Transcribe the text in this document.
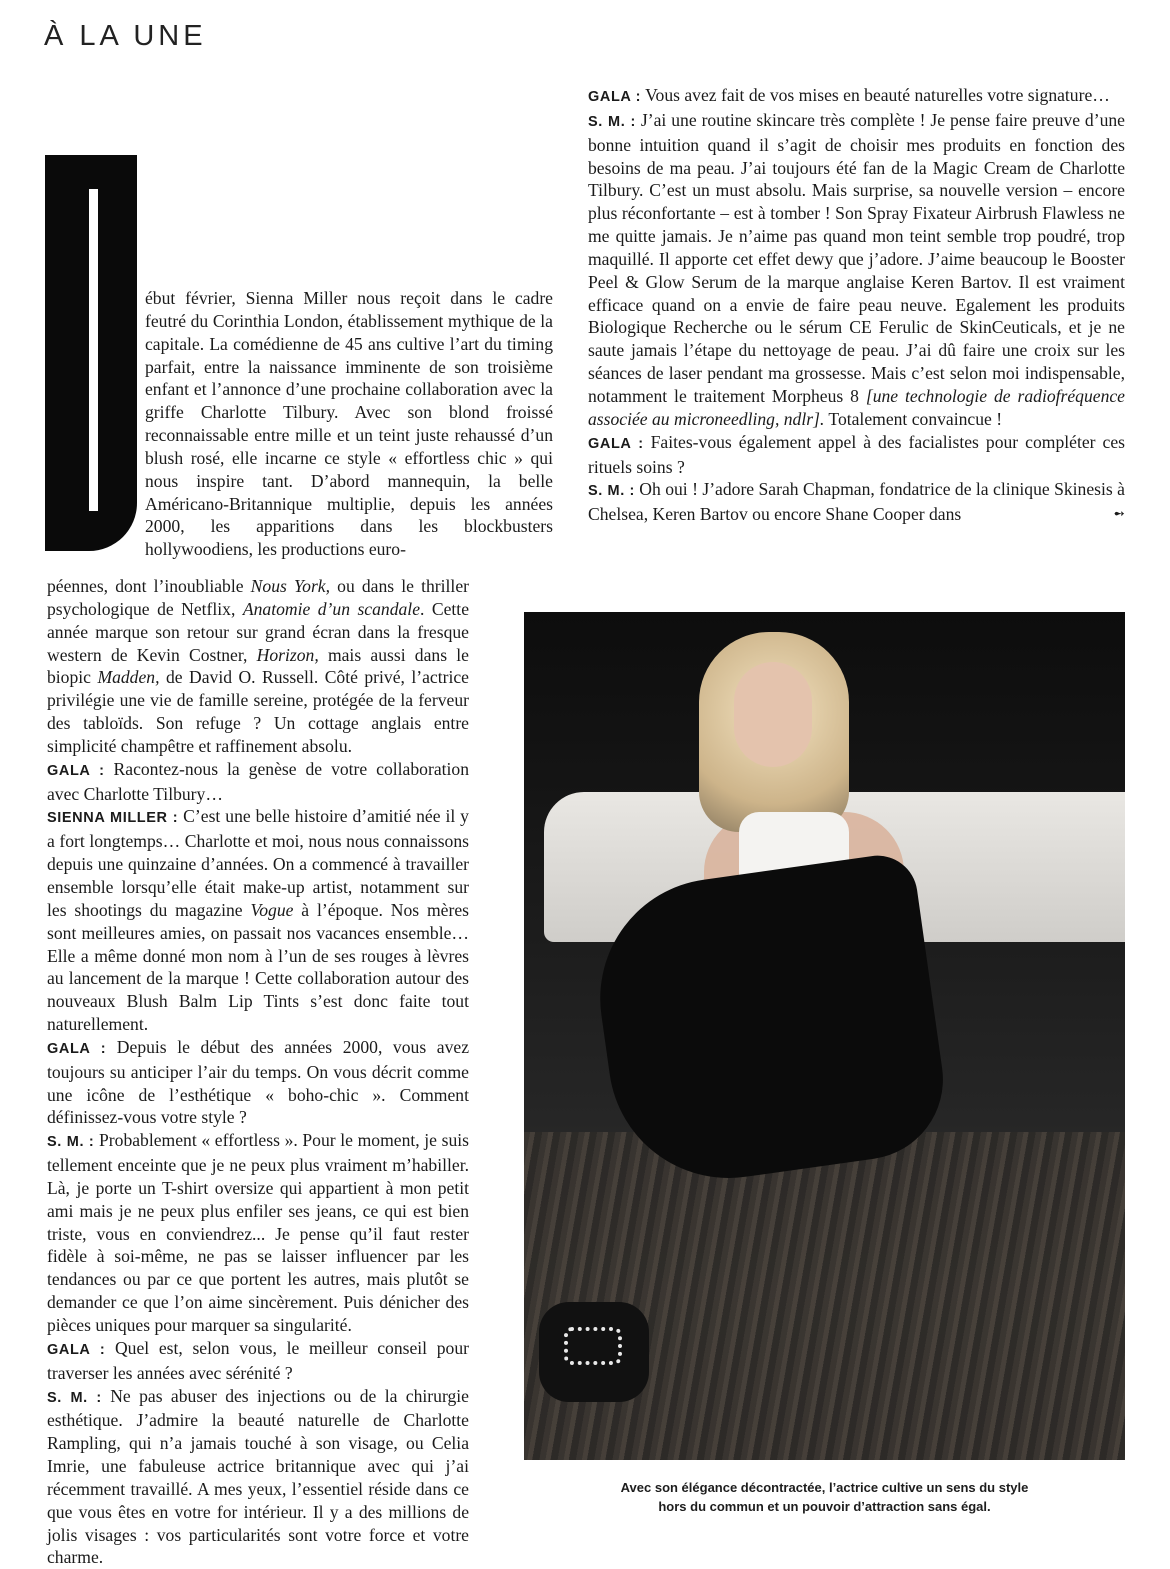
À LA UNE

ébut février, Sienna Miller nous reçoit dans le cadre feutré du Corinthia London, établissement mythique de la capitale. La comédienne de 45 ans cultive l’art du timing parfait, entre la naissance imminente de son troisième enfant et l’annonce d’une prochaine collaboration avec la griffe Charlotte Tilbury. Avec son blond froissé reconnaissable entre mille et un teint juste rehaussé d’un blush rosé, elle incarne ce style « effortless chic » qui nous inspire tant. D’abord mannequin, la belle Américano-Britannique multiplie, depuis les années 2000, les apparitions dans les blockbusters hollywoodiens, les productions euro-

péennes, dont l’inoubliable Nous York, ou dans le thriller psychologique de Netflix, Anatomie d’un scandale. Cette année marque son retour sur grand écran dans la fresque western de Kevin Costner, Horizon, mais aussi dans le biopic Madden, de David O. Russell. Côté privé, l’actrice privilégie une vie de famille sereine, protégée de la ferveur des tabloïds. Son refuge ? Un cottage anglais entre simplicité champêtre et raffinement absolu.

GALA : Racontez-nous la genèse de votre collaboration avec Charlotte Tilbury…

SIENNA MILLER : C’est une belle histoire d’amitié née il y a fort longtemps… Charlotte et moi, nous nous connaissons depuis une quinzaine d’années. On a commencé à travailler ensemble lorsqu’elle était make-up artist, notamment sur les shootings du magazine Vogue à l’époque. Nos mères sont meilleures amies, on passait nos vacances ensemble… Elle a même donné mon nom à l’un de ses rouges à lèvres au lancement de la marque ! Cette collaboration autour des nouveaux Blush Balm Lip Tints s’est donc faite tout naturellement.

GALA : Depuis le début des années 2000, vous avez toujours su anticiper l’air du temps. On vous décrit comme une icône de l’esthétique « boho-chic ». Comment définissez-vous votre style ?

S. M. : Probablement « effortless ». Pour le moment, je suis tellement enceinte que je ne peux plus vraiment m’habiller. Là, je porte un T-shirt oversize qui appartient à mon petit ami mais je ne peux plus enfiler ses jeans, ce qui est bien triste, vous en conviendrez... Je pense qu’il faut rester fidèle à soi-même, ne pas se laisser influencer par les tendances ou par ce que portent les autres, mais plutôt se demander ce que l’on aime sincèrement. Puis dénicher des pièces uniques pour marquer sa singularité.

GALA : Quel est, selon vous, le meilleur conseil pour traverser les années avec sérénité ?

S. M. : Ne pas abuser des injections ou de la chirurgie esthétique. J’admire la beauté naturelle de Charlotte Rampling, qui n’a jamais touché à son visage, ou Celia Imrie, une fabuleuse actrice britannique avec qui j’ai récemment travaillé. A mes yeux, l’essentiel réside dans ce que vous êtes en votre for intérieur. Il y a des millions de jolis visages : vos particularités sont votre force et votre charme.

GALA : Vous avez fait de vos mises en beauté naturelles votre signature…

S. M. : J’ai une routine skincare très complète ! Je pense faire preuve d’une bonne intuition quand il s’agit de choisir mes produits en fonction des besoins de ma peau. J’ai toujours été fan de la Magic Cream de Charlotte Tilbury. C’est un must absolu. Mais surprise, sa nouvelle version – encore plus réconfortante – est à tomber ! Son Spray Fixateur Airbrush Flawless ne me quitte jamais. Je n’aime pas quand mon teint semble trop poudré, trop maquillé. Il apporte cet effet dewy que j’adore. J’aime beaucoup le Booster Peel & Glow Serum de la marque anglaise Keren Bartov. Il est vraiment efficace quand on a envie de faire peau neuve. Egalement les produits Biologique Recherche ou le sérum CE Ferulic de SkinCeuticals, et je ne saute jamais l’étape du nettoyage de peau. J’ai dû faire une croix sur les séances de laser pendant ma grossesse. Mais c’est selon moi indispensable, notamment le traitement Morpheus 8 [une technologie de radiofréquence associée au microneedling, ndlr]. Totalement convaincue !

GALA : Faites-vous également appel à des facialistes pour compléter ces rituels soins ?

S. M. : Oh oui ! J’adore Sarah Chapman, fondatrice de la clinique Skinesis à Chelsea, Keren Bartov ou encore Shane Cooper dans	➻

Avec son élégance décontractée, l’actrice cultive un sens du style
hors du commun et un pouvoir d’attraction sans égal.
